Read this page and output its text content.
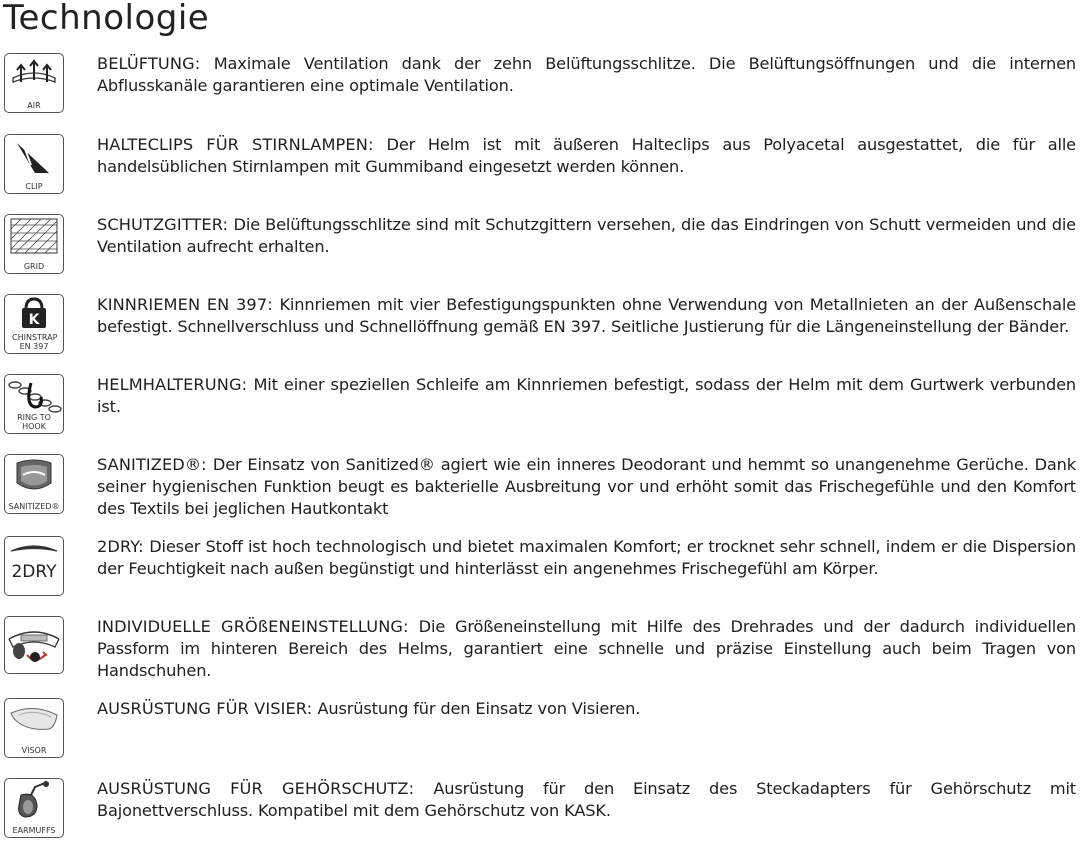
Technologie
AIR
BELÜFTUNG: Maximale Ventilation dank der zehn Belüftungsschlitze. Die Belüftungsöffnungen und die internen Abflusskanäle garantieren eine optimale Ventilation.
CLIP
HALTECLIPS FÜR STIRNLAMPEN: Der Helm ist mit äußeren Halteclips aus Polyacetal ausgestattet, die für alle handelsüblichen Stirnlampen mit Gummiband eingesetzt werden können.
GRID
SCHUTZGITTER: Die Belüftungsschlitze sind mit Schutzgittern versehen, die das Eindringen von Schutt vermeiden und die Ventilation aufrecht erhalten.
K
CHINSTRAP EN 397
KINNRIEMEN EN 397: Kinnriemen mit vier Befestigungspunkten ohne Verwendung von Metallnieten an der Außenschale befestigt. Schnellverschluss und Schnellöffnung gemäß EN 397. Seitliche Justierung für die Längeneinstellung der Bänder.
RING TO HOOK
HELMHALTERUNG: Mit einer speziellen Schleife am Kinnriemen befestigt, sodass der Helm mit dem Gurtwerk verbunden ist.
SANITIZED®
SANITIZED®: Der Einsatz von Sanitized® agiert wie ein inneres Deodorant und hemmt so unangenehme Gerüche. Dank seiner hygienischen Funktion beugt es bakterielle Ausbreitung vor und erhöht somit das Frischegefühle und den Komfort des Textils bei jeglichen Hautkontakt
2DRY
2DRY: Dieser Stoff ist hoch technologisch und bietet maximalen Komfort; er trocknet sehr schnell, indem er die Dispersion der Feuchtigkeit nach außen begünstigt und hinterlässt ein angenehmes Frischegefühl am Körper.
INDIVIDUELLE GRÖßENEINSTELLUNG: Die Größeneinstellung mit Hilfe des Drehrades und der dadurch individuellen Passform im hinteren Bereich des Helms, garantiert eine schnelle und präzise Einstellung auch beim Tragen von Handschuhen.
VISOR
AUSRÜSTUNG FÜR VISIER: Ausrüstung für den Einsatz von Visieren.
EARMUFFS
AUSRÜSTUNG FÜR GEHÖRSCHUTZ: Ausrüstung für den Einsatz des Steckadapters für Gehörschutz mit Bajonettverschluss. Kompatibel mit dem Gehörschutz von KASK.
